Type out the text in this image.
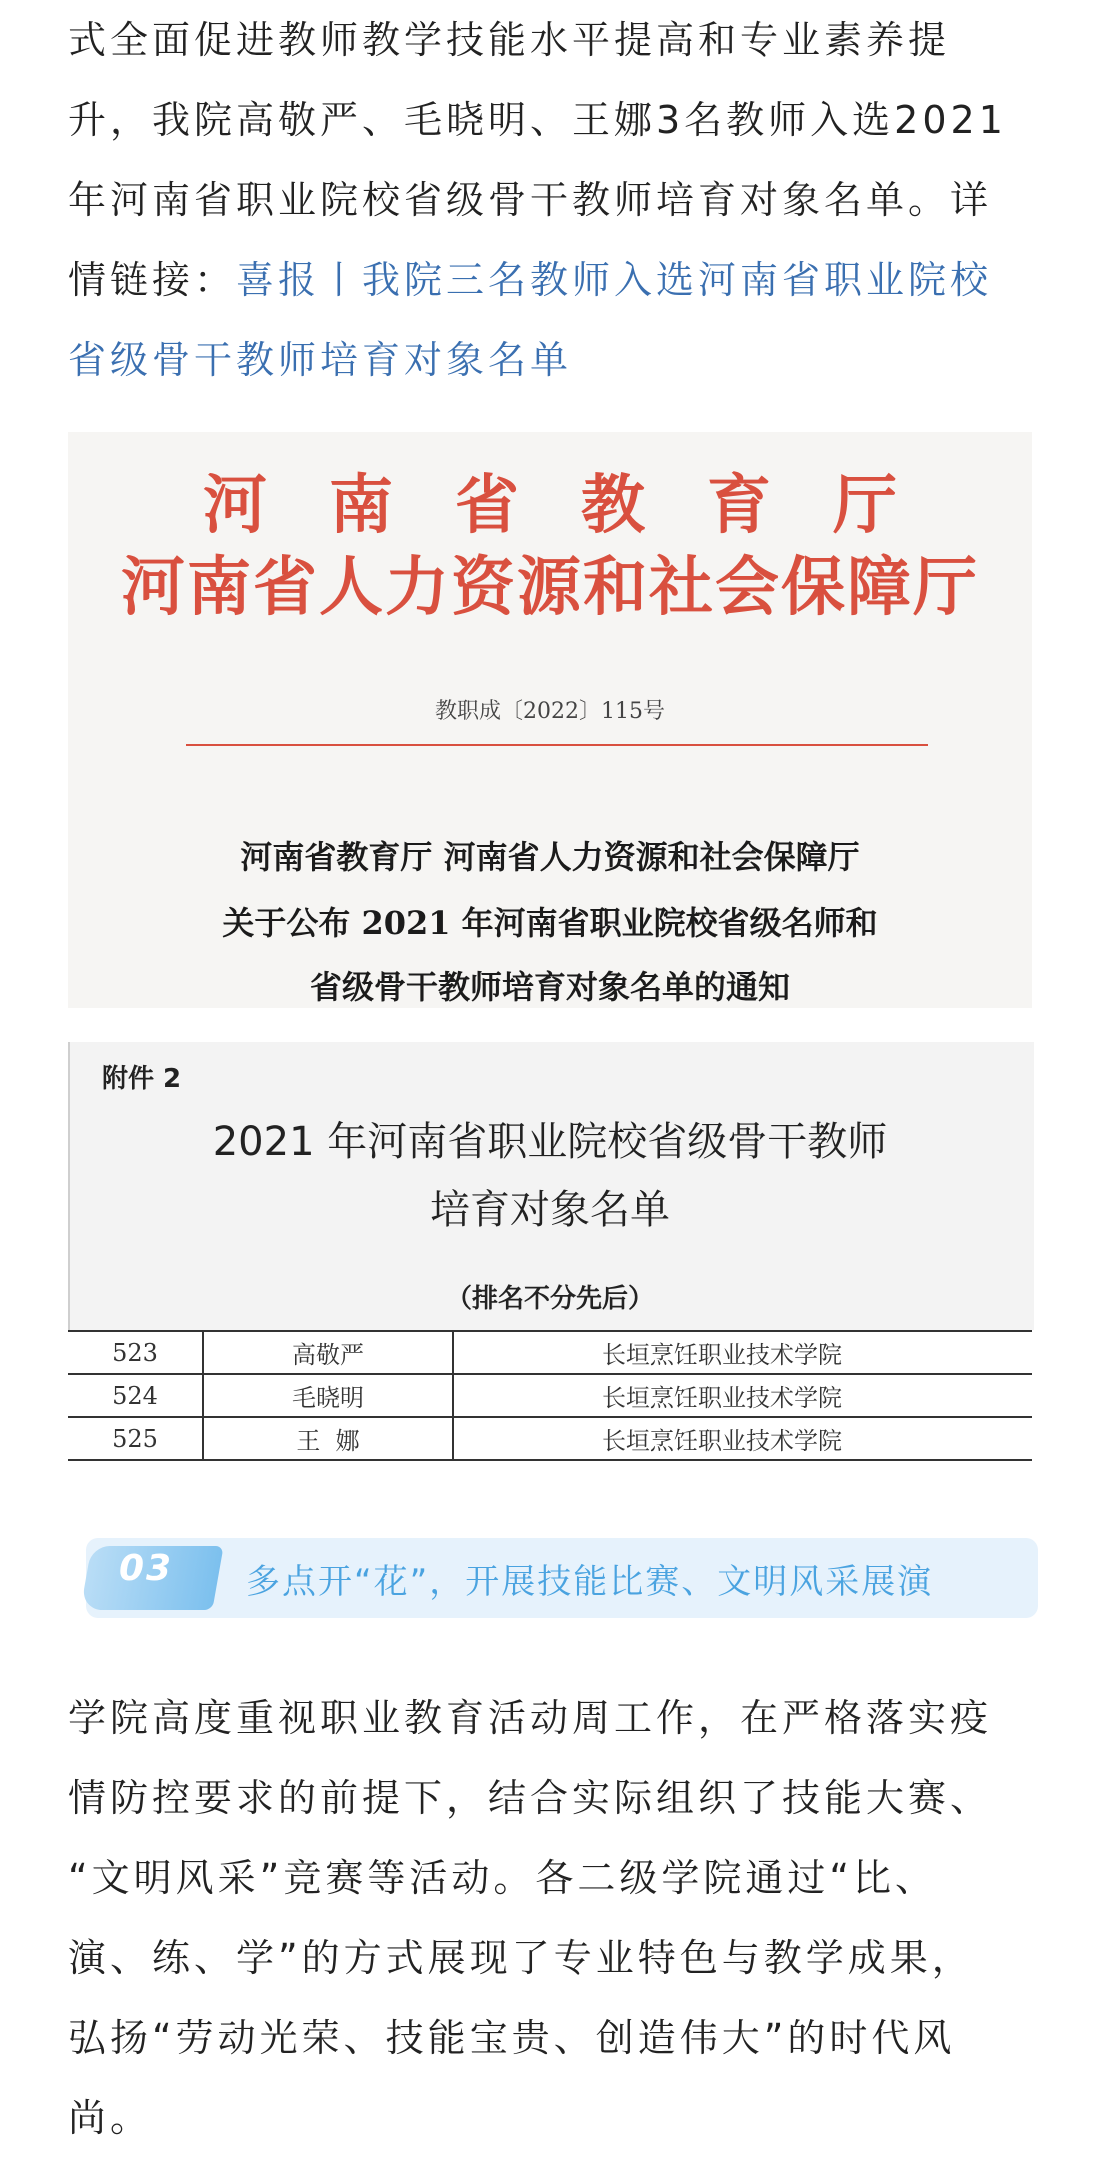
式全面促进教师教学技能水平提高和专业素养提
升，我院高敬严、毛晓明、王娜3名教师入选2021
年河南省职业院校省级骨干教师培育对象名单。详
情链接：喜报丨我院三名教师入选河南省职业院校
省级骨干教师培育对象名单
河南省教育厅
河南省人力资源和社会保障厅
教职成〔2022〕115号
河南省教育厅 河南省人力资源和社会保障厅
关于公布 2021 年河南省职业院校省级名师和
省级骨干教师培育对象名单的通知
附件 2
2021 年河南省职业院校省级骨干教师
培育对象名单
（排名不分先后）
523	高敬严	长垣烹饪职业技术学院
524	毛晓明	长垣烹饪职业技术学院
525	王  娜	长垣烹饪职业技术学院
03	多点开“花”，开展技能比赛、文明风采展演
学院高度重视职业教育活动周工作，在严格落实疫
情防控要求的前提下，结合实际组织了技能大赛、
“文明风采”竞赛等活动。各二级学院通过“比、
演、练、学”的方式展现了专业特色与教学成果，
弘扬“劳动光荣、技能宝贵、创造伟大”的时代风
尚。
